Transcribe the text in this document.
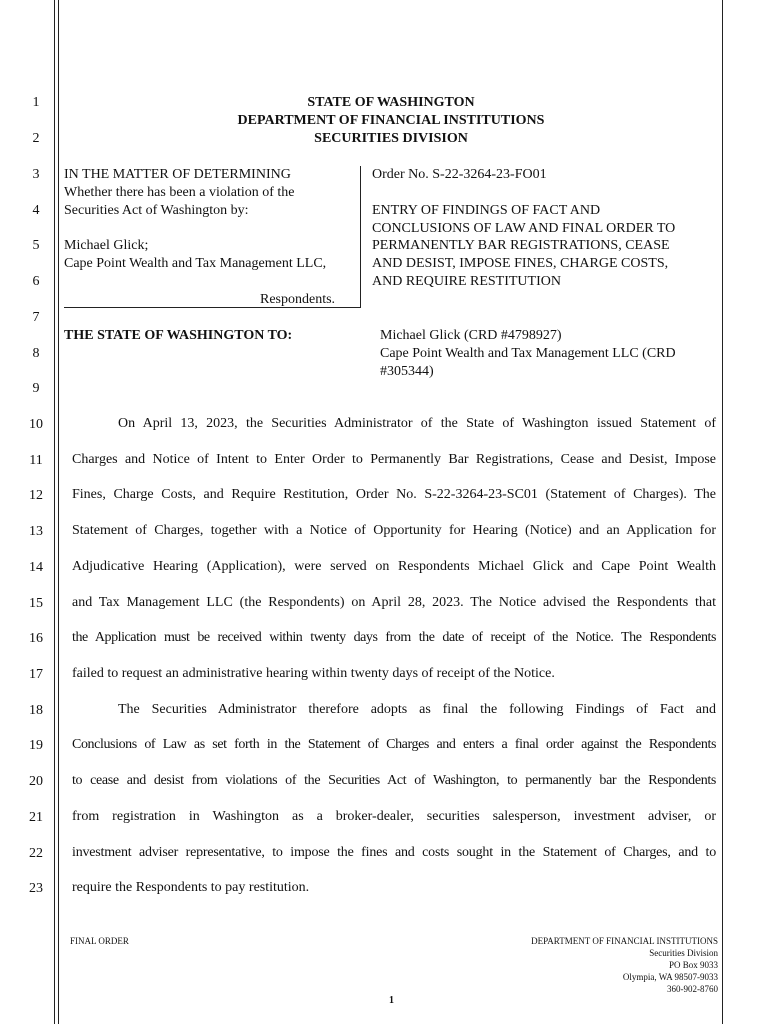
1
2
3
4
5
6
7
8
9
10
11
12
13
14
15
16
17
18
19
20
21
22
23
STATE OF WASHINGTON
DEPARTMENT OF FINANCIAL INSTITUTIONS
SECURITIES DIVISION
IN THE MATTER OF DETERMINING
Whether there has been a violation of the
Securities Act of Washington by:
Michael Glick;
Cape Point Wealth and Tax Management LLC,
Respondents.
Order No. S-22-3264-23-FO01
ENTRY OF FINDINGS OF FACT AND
CONCLUSIONS OF LAW AND FINAL ORDER TO
PERMANENTLY BAR REGISTRATIONS, CEASE
AND DESIST, IMPOSE FINES, CHARGE COSTS,
AND REQUIRE RESTITUTION
THE STATE OF WASHINGTON TO:	Michael Glick (CRD #4798927)
Cape Point Wealth and Tax Management LLC (CRD
#305344)
On April 13, 2023, the Securities Administrator of the State of Washington issued Statement of
Charges and Notice of Intent to Enter Order to Permanently Bar Registrations, Cease and Desist, Impose
Fines, Charge Costs, and Require Restitution, Order No. S-22-3264-23-SC01 (Statement of Charges). The
Statement of Charges, together with a Notice of Opportunity for Hearing (Notice) and an Application for
Adjudicative Hearing (Application), were served on Respondents Michael Glick and Cape Point Wealth
and Tax Management LLC (the Respondents) on April 28, 2023. The Notice advised the Respondents that
the Application must be received within twenty days from the date of receipt of the Notice. The Respondents
failed to request an administrative hearing within twenty days of receipt of the Notice.
The Securities Administrator therefore adopts as final the following Findings of Fact and
Conclusions of Law as set forth in the Statement of Charges and enters a final order against the Respondents
to cease and desist from violations of the Securities Act of Washington, to permanently bar the Respondents
from registration in Washington as a broker-dealer, securities salesperson, investment adviser, or
investment adviser representative, to impose the fines and costs sought in the Statement of Charges, and to
require the Respondents to pay restitution.
FINAL ORDER	DEPARTMENT OF FINANCIAL INSTITUTIONS
Securities Division
PO Box 9033
Olympia, WA 98507-9033
360-902-8760
1
